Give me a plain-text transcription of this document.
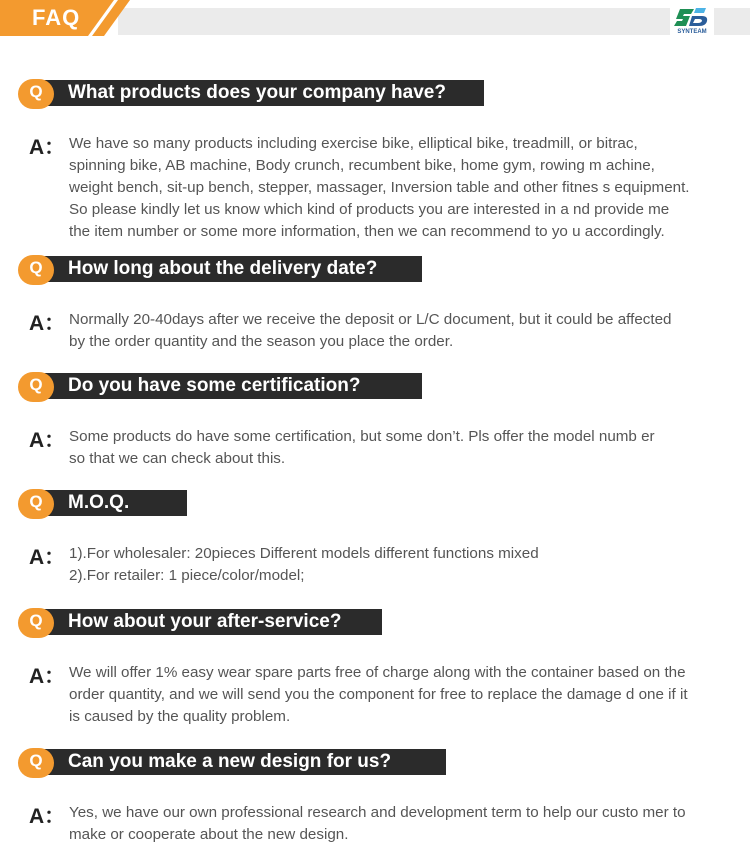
FAQ
SYNTEAM
Q	What products does your company have?
A： We have so many products including exercise bike, elliptical bike, treadmill, or bitrac,
spinning bike, AB machine, Body crunch, recumbent bike, home gym, rowing m achine,
weight bench, sit-up bench, stepper, massager, Inversion table and other fitnes s equipment.
So please kindly let us know which kind of products you are interested in a nd provide me
the item number or some more information, then we can recommend to yo u accordingly.
Q	How long about the delivery date?
A： Normally 20-40days after we receive the deposit or L/C document, but it could be affected
by the order quantity and the season you place the order.
Q	Do you have some certification?
A： Some products do have some certification, but some don’t. Pls offer the model numb er
so that we can check about this.
Q	M.O.Q.
A： 1).For wholesaler: 20pieces Different models different functions mixed
2).For retailer: 1 piece/color/model;
Q	How about your after-service?
A： We will offer 1% easy wear spare parts free of charge along with the container based on the
order quantity, and we will send you the component for free to replace the damage d one if it
is caused by the quality problem.
Q	Can you make a new design for us?
A： Yes, we have our own professional research and development term to help our custo mer to
make or cooperate about the new design.
